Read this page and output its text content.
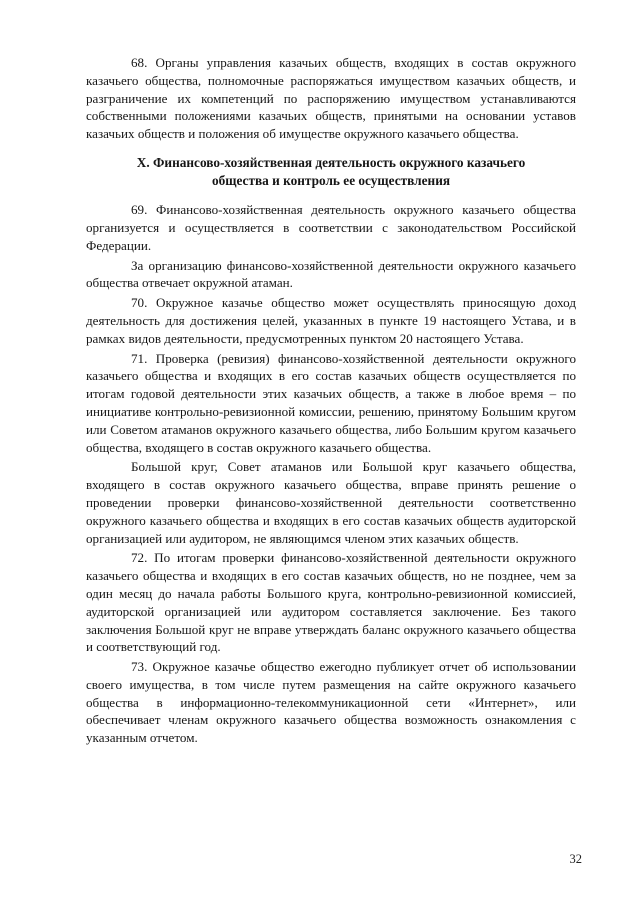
68. Органы управления казачьих обществ, входящих в состав окружного казачьего общества, полномочные распоряжаться имуществом казачьих обществ, и разграничение их компетенций по распоряжению имуществом устанавливаются собственными положениями казачьих обществ, принятыми на основании уставов казачьих обществ и положения об имуществе окружного казачьего общества.

X. Финансово-хозяйственная деятельность окружного казачьего
общества и контроль ее осуществления

69. Финансово-хозяйственная деятельность окружного казачьего общества организуется и осуществляется в соответствии с законодательством Российской Федерации.

За организацию финансово-хозяйственной деятельности окружного казачьего общества отвечает окружной атаман.

70. Окружное казачье общество может осуществлять приносящую доход деятельность для достижения целей, указанных в пункте 19 настоящего Устава, и в рамках видов деятельности, предусмотренных пунктом 20 настоящего Устава.

71. Проверка (ревизия) финансово-хозяйственной деятельности окружного казачьего общества и входящих в его состав казачьих обществ осуществляется по итогам годовой деятельности этих казачьих обществ, а также в любое время – по инициативе контрольно-ревизионной комиссии, решению, принятому Большим кругом или Советом атаманов окружного казачьего общества, либо Большим кругом казачьего общества, входящего в состав окружного казачьего общества.

Большой круг, Совет атаманов или Большой круг казачьего общества, входящего в состав окружного казачьего общества, вправе принять решение о проведении проверки финансово-хозяйственной деятельности соответственно окружного казачьего общества и входящих в его состав казачьих обществ аудиторской организацией или аудитором, не являющимся членом этих казачьих обществ.

72. По итогам проверки финансово-хозяйственной деятельности окружного казачьего общества и входящих в его состав казачьих обществ, но не позднее, чем за один месяц до начала работы Большого круга, контрольно-ревизионной комиссией, аудиторской организацией или аудитором составляется заключение. Без такого заключения Большой круг не вправе утверждать баланс окружного казачьего общества и соответствующий год.

73. Окружное казачье общество ежегодно публикует отчет об использовании своего имущества, в том числе путем размещения на сайте окружного казачьего общества в информационно-телекоммуникационной сети «Интернет», или обеспечивает членам окружного казачьего общества возможность ознакомления с указанным отчетом.

32
